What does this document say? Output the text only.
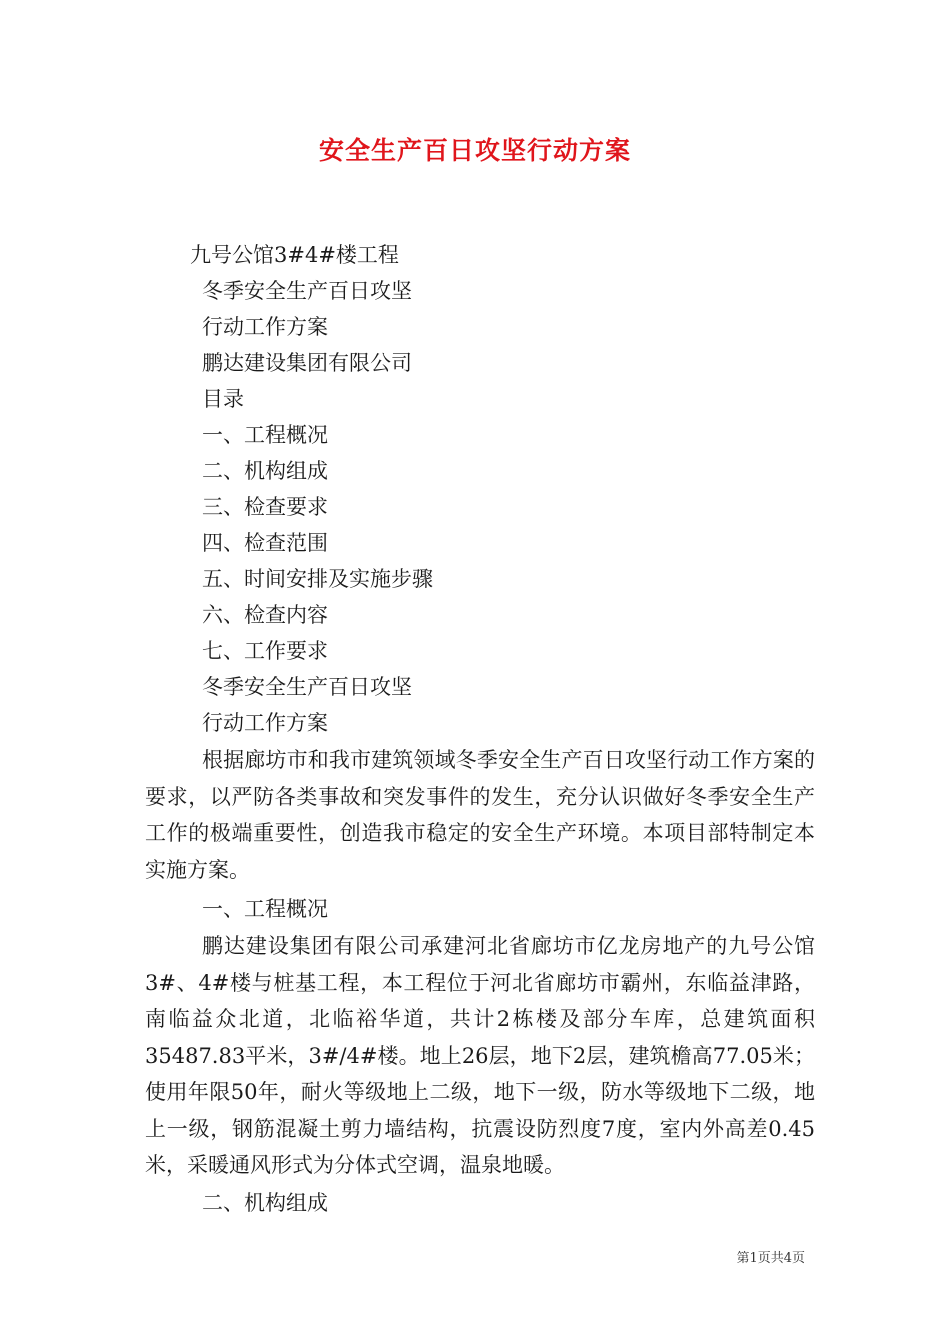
安全生产百日攻坚行动方案

九号公馆3#4#楼工程

冬季安全生产百日攻坚

行动工作方案

鹏达建设集团有限公司

目录

一、工程概况

二、机构组成

三、检查要求

四、检查范围

五、时间安排及实施步骤

六、检查内容

七、工作要求

冬季安全生产百日攻坚

行动工作方案

根据廊坊市和我市建筑领域冬季安全生产百日攻坚行动工作方案的要求，以严防各类事故和突发事件的发生，充分认识做好冬季安全生产工作的极端重要性，创造我市稳定的安全生产环境。本项目部特制定本实施方案。

一、工程概况

鹏达建设集团有限公司承建河北省廊坊市亿龙房地产的九号公馆3#、4#楼与桩基工程，本工程位于河北省廊坊市霸州，东临益津路，南临益众北道，北临裕华道，共计2栋楼及部分车库，总建筑面积35487.83平米，3#/4#楼。地上26层，地下2层，建筑檐高77.05米；使用年限50年，耐火等级地上二级，地下一级，防水等级地下二级，地上一级，钢筋混凝土剪力墙结构，抗震设防烈度7度，室内外高差0.45米，采暖通风形式为分体式空调，温泉地暖。

二、机构组成

第1页共4页
